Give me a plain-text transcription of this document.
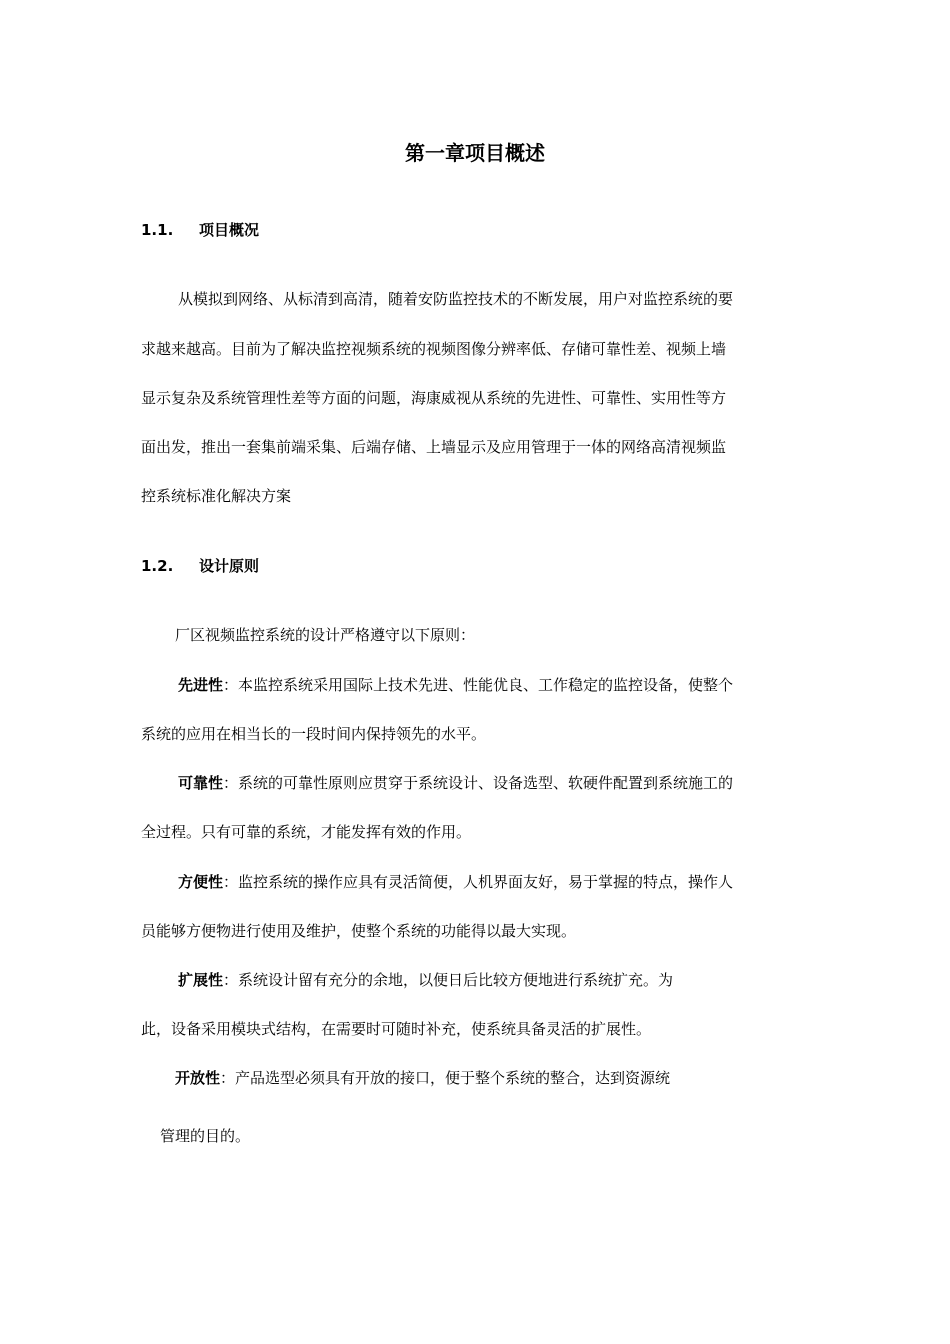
第一章项目概述
1.1. 项目概况
从模拟到网络、从标清到高清，随着安防监控技术的不断发展，用户对监控系统的要
求越来越高。目前为了解决监控视频系统的视频图像分辨率低、存储可靠性差、视频上墙
显示复杂及系统管理性差等方面的问题，海康威视从系统的先进性、可靠性、实用性等方
面出发，推出一套集前端采集、后端存储、上墙显示及应用管理于一体的网络高清视频监
控系统标准化解决方案
1.2. 设计原则
厂区视频监控系统的设计严格遵守以下原则：
先进性：本监控系统采用国际上技术先进、性能优良、工作稳定的监控设备，使整个
系统的应用在相当长的一段时间内保持领先的水平。
可靠性：系统的可靠性原则应贯穿于系统设计、设备选型、软硬件配置到系统施工的
全过程。只有可靠的系统，才能发挥有效的作用。
方便性：监控系统的操作应具有灵活简便，人机界面友好，易于掌握的特点，操作人
员能够方便物进行使用及维护，使整个系统的功能得以最大实现。
扩展性：系统设计留有充分的余地，以便日后比较方便地进行系统扩充。为
此，设备采用模块式结构，在需要时可随时补充，使系统具备灵活的扩展性。
开放性：产品选型必须具有开放的接口，便于整个系统的整合，达到资源统
管理的目的。
